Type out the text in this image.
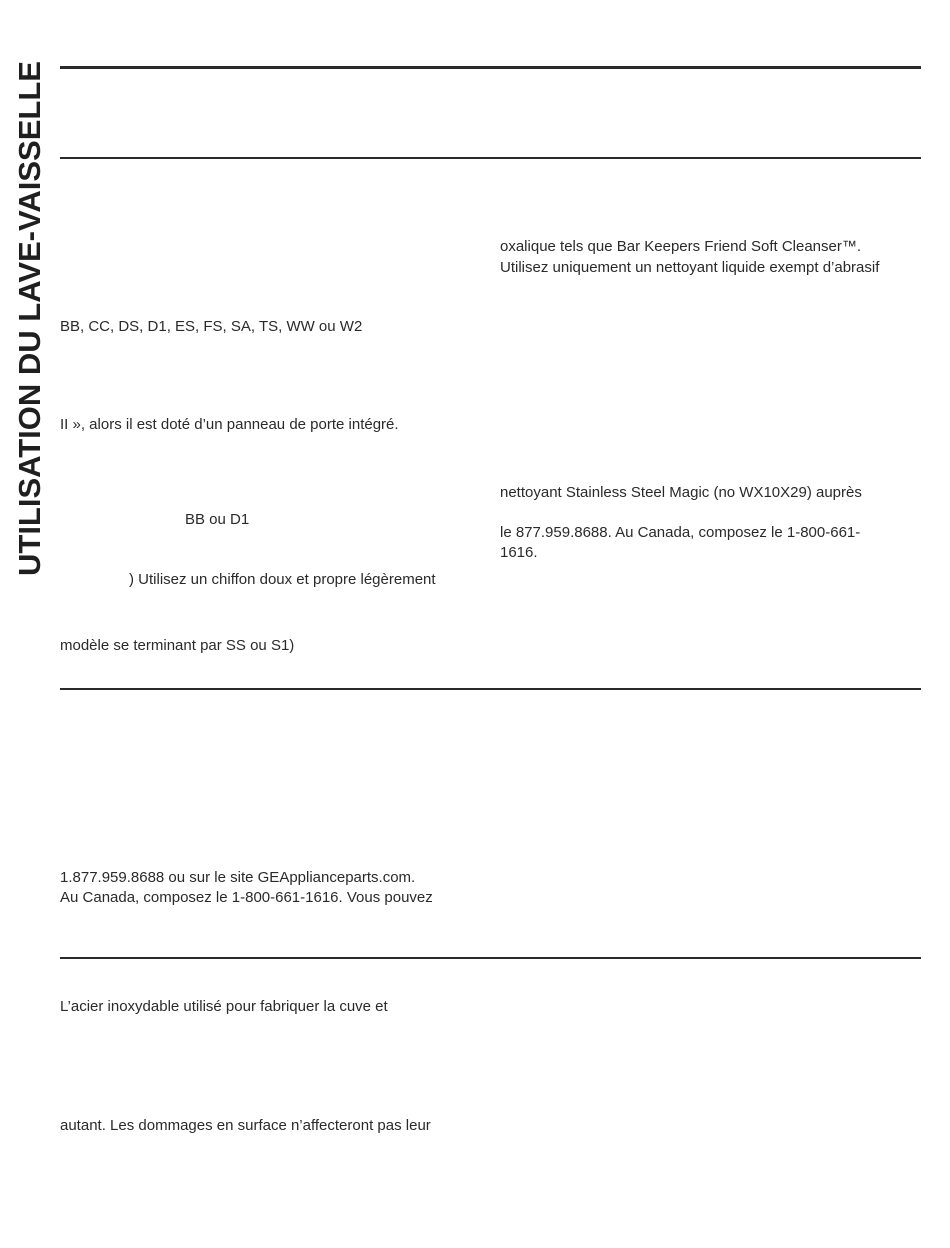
UTILISATION DU LAVE-VAISSELLE	oxalique tels que Bar Keepers Friend Soft Cleanser™.
Utilisez uniquement un nettoyant liquide exempt d’abrasif
BB, CC, DS, D1, ES, FS, SA, TS, WW ou W2
II », alors il est doté d’un panneau de porte intégré.
nettoyant Stainless Steel Magic (no WX10X29) auprès
BB ou D1
le 877.959.8688. Au Canada, composez le 1-800-661-
1616.
) Utilisez un chiffon doux et propre légèrement
modèle se terminant par SS ou S1)
1.877.959.8688 ou sur le site GEApplianceparts.com.
Au Canada, composez le 1-800-661-1616. Vous pouvez
L’acier inoxydable utilisé pour fabriquer la cuve et
autant. Les dommages en surface n’affecteront pas leur
